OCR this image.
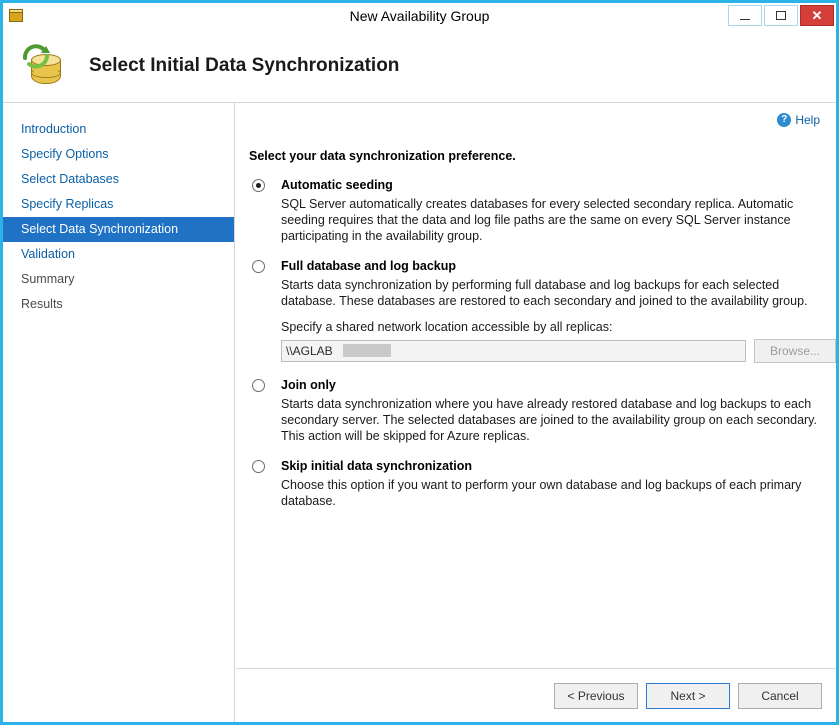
New Availability Group	✕
Select Initial Data Synchronization
Introduction
Specify Options
Select Databases
Specify Replicas
Select Data Synchronization
Validation
Summary
Results
? Help
Select your data synchronization preference.
Automatic seeding
SQL Server automatically creates databases for every selected secondary replica. Automatic seeding requires that the data and log file paths are the same on every SQL Server instance participating in the availability group.
Full database and log backup
Starts data synchronization by performing full database and log backups for each selected database. These databases are restored to each secondary and joined to the availability group.
Specify a shared network location accessible by all replicas:
\\AGLAB
Browse...
Join only
Starts data synchronization where you have already restored database and log backups to each secondary server. The selected databases are joined to the availability group on each secondary. This action will be skipped for Azure replicas.
Skip initial data synchronization
Choose this option if you want to perform your own database and log backups of each primary database.
< Previous	Next >	Cancel
